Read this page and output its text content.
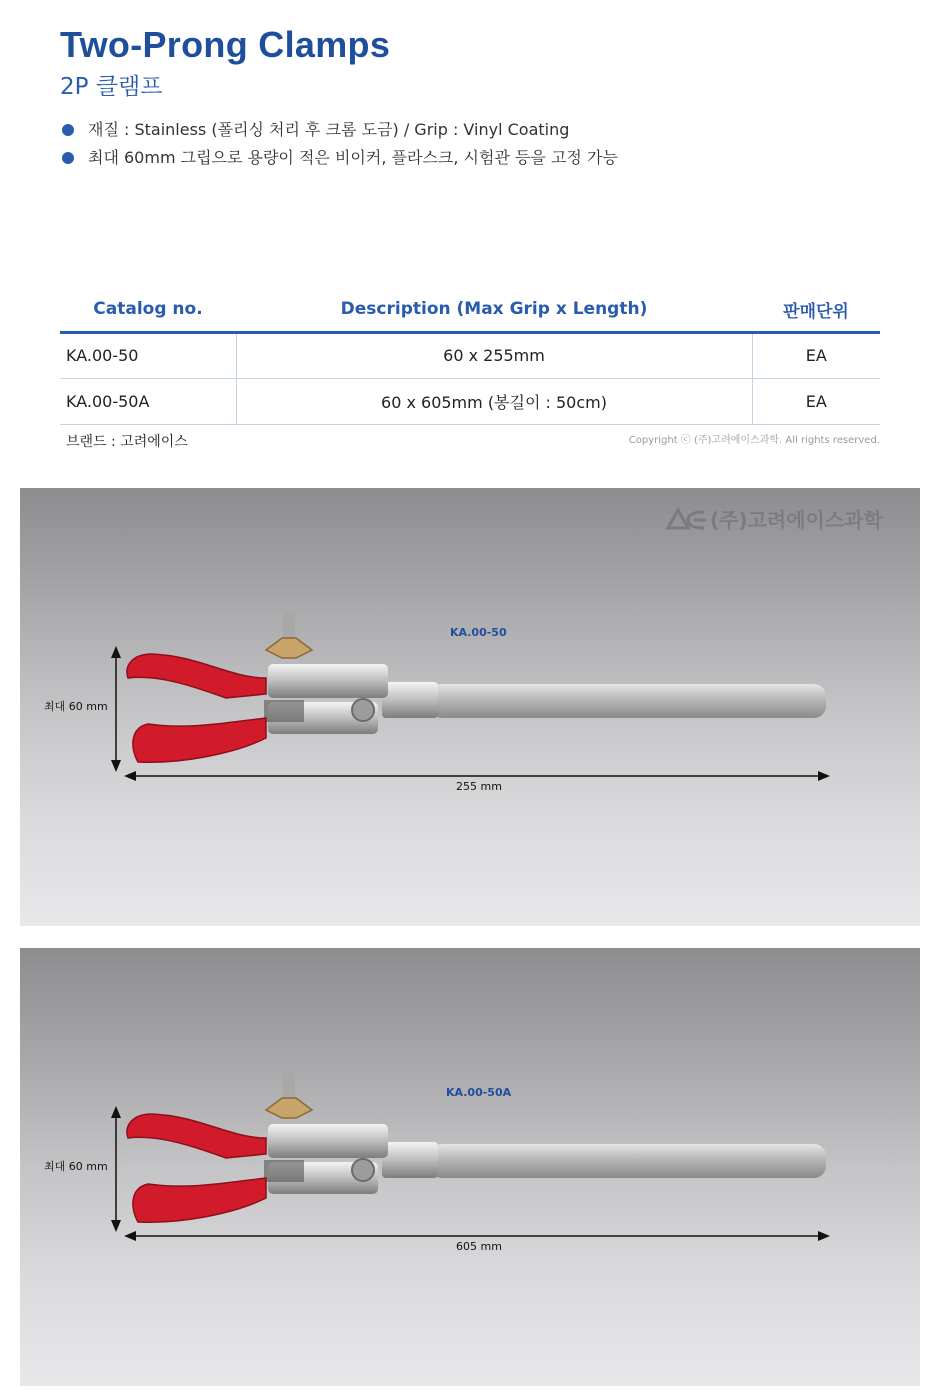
Two-Prong Clamps
2P 클램프
재질 : Stainless (폴리싱 처리 후 크롬 도금) / Grip : Vinyl Coating
최대 60mm 그립으로 용량이 적은 비이커, 플라스크, 시험관 등을 고정 가능
Catalog no.	Description (Max Grip x Length)	판매단위
KA.00-50	60 x 255mm	EA
KA.00-50A	60 x 605mm (봉길이 : 50cm)	EA
브랜드 : 고려에이스	Copyright ⓒ (주)고려에이스과학. All rights reserved.
(주)고려에이스과학
최대 60 mm
255 mm
KA.00-50
최대 60 mm
605 mm
KA.00-50A
